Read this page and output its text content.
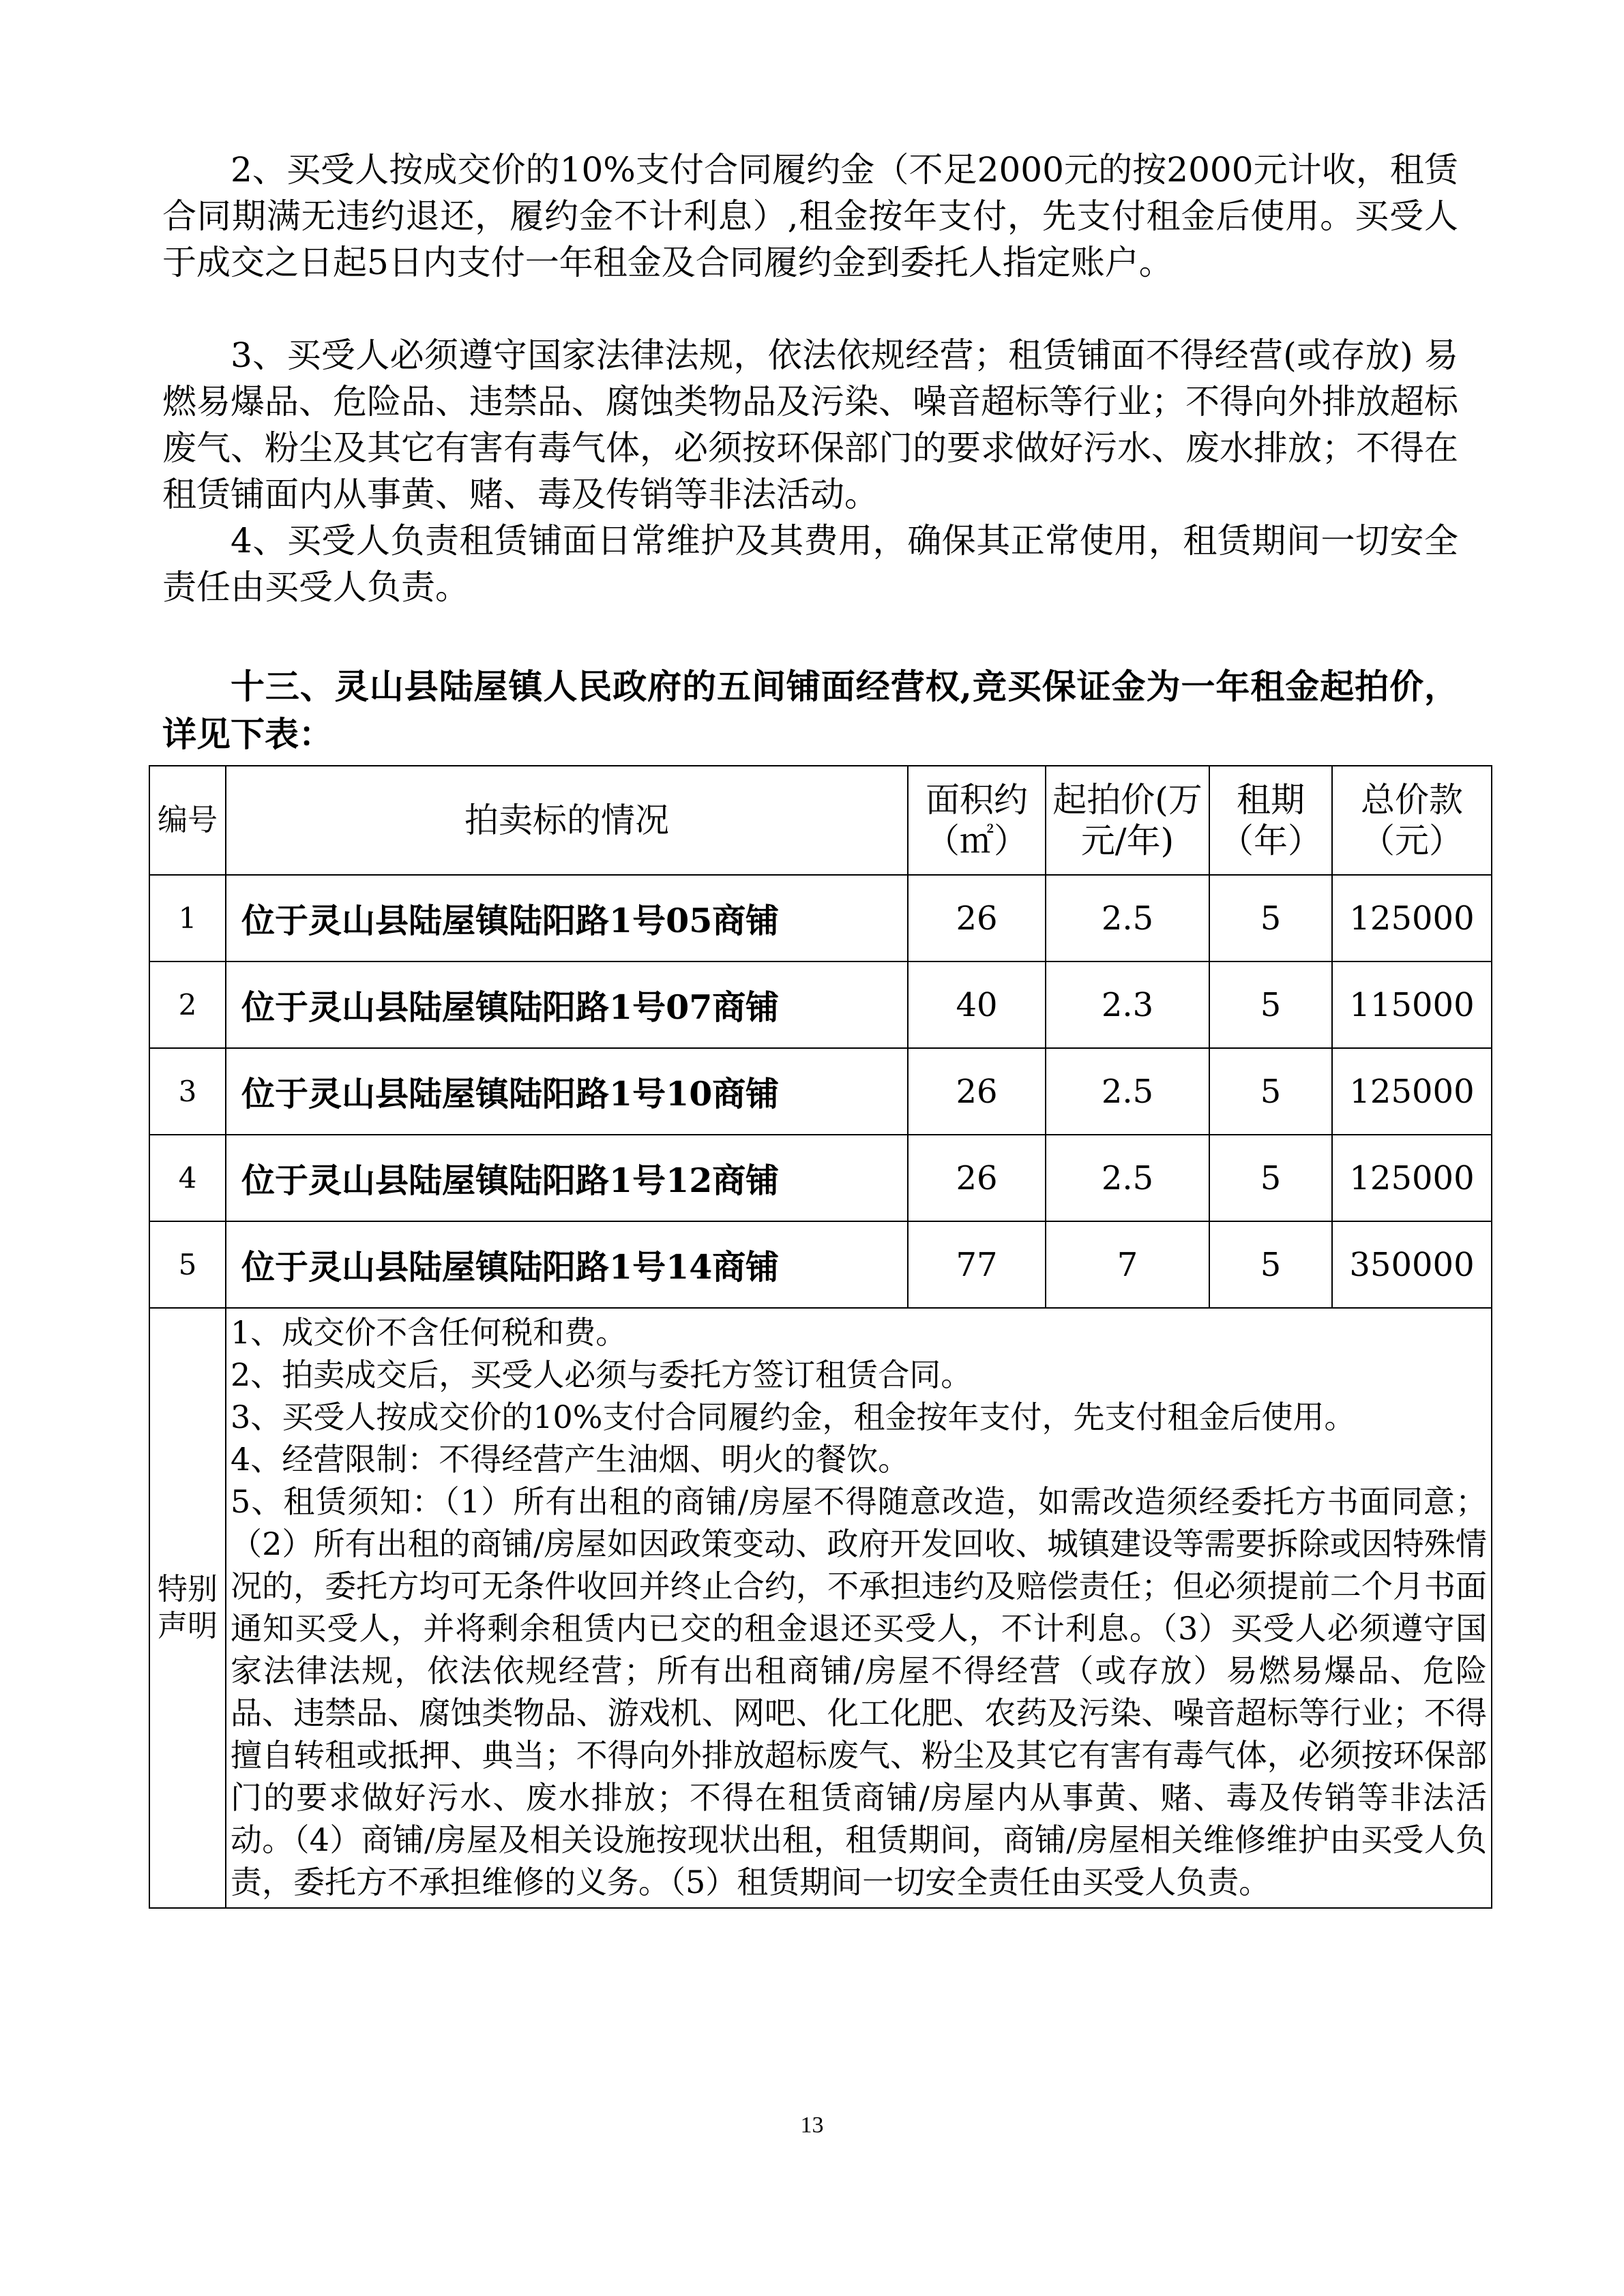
2、买受人按成交价的10%支付合同履约金（不足2000元的按2000元计收，租赁合同期满无违约退还，履约金不计利息）,租金按年支付，先支付租金后使用。买受人于成交之日起5日内支付一年租金及合同履约金到委托人指定账户。

3、买受人必须遵守国家法律法规，依法依规经营；租赁铺面不得经营(或存放) 易燃易爆品、危险品、违禁品、腐蚀类物品及污染、噪音超标等行业；不得向外排放超标废气、粉尘及其它有害有毒气体，必须按环保部门的要求做好污水、废水排放；不得在租赁铺面内从事黄、赌、毒及传销等非法活动。

4、买受人负责租赁铺面日常维护及其费用，确保其正常使用，租赁期间一切安全责任由买受人负责。

十三、灵山县陆屋镇人民政府的五间铺面经营权,竞买保证金为一年租金起拍价，详见下表：

编号	拍卖标的情况	面积约（㎡）	起拍价(万元/年)	租期（年）	总价款（元）
1	位于灵山县陆屋镇陆阳路1号05商铺	26	2.5	5	125000
2	位于灵山县陆屋镇陆阳路1号07商铺	40	2.3	5	115000
3	位于灵山县陆屋镇陆阳路1号10商铺	26	2.5	5	125000
4	位于灵山县陆屋镇陆阳路1号12商铺	26	2.5	5	125000
5	位于灵山县陆屋镇陆阳路1号14商铺	77	7	5	350000
特别声明	1、成交价不含任何税和费。

2、拍卖成交后，买受人必须与委托方签订租赁合同。

3、买受人按成交价的10%支付合同履约金，租金按年支付，先支付租金后使用。

4、经营限制：不得经营产生油烟、明火的餐饮。

5、租赁须知：（1）所有出租的商铺/房屋不得随意改造，如需改造须经委托方书面同意；（2）所有出租的商铺/房屋如因政策变动、政府开发回收、城镇建设等需要拆除或因特殊情况的，委托方均可无条件收回并终止合约，不承担违约及赔偿责任；但必须提前二个月书面通知买受人，并将剩余租赁内已交的租金退还买受人，不计利息。（3）买受人必须遵守国家法律法规，依法依规经营；所有出租商铺/房屋不得经营（或存放）易燃易爆品、危险品、违禁品、腐蚀类物品、游戏机、网吧、化工化肥、农药及污染、噪音超标等行业；不得擅自转租或抵押、典当；不得向外排放超标废气、粉尘及其它有害有毒气体，必须按环保部门的要求做好污水、废水排放；不得在租赁商铺/房屋内从事黄、赌、毒及传销等非法活动。（4）商铺/房屋及相关设施按现状出租，租赁期间，商铺/房屋相关维修维护由买受人负责，委托方不承担维修的义务。（5）租赁期间一切安全责任由买受人负责。				

13
